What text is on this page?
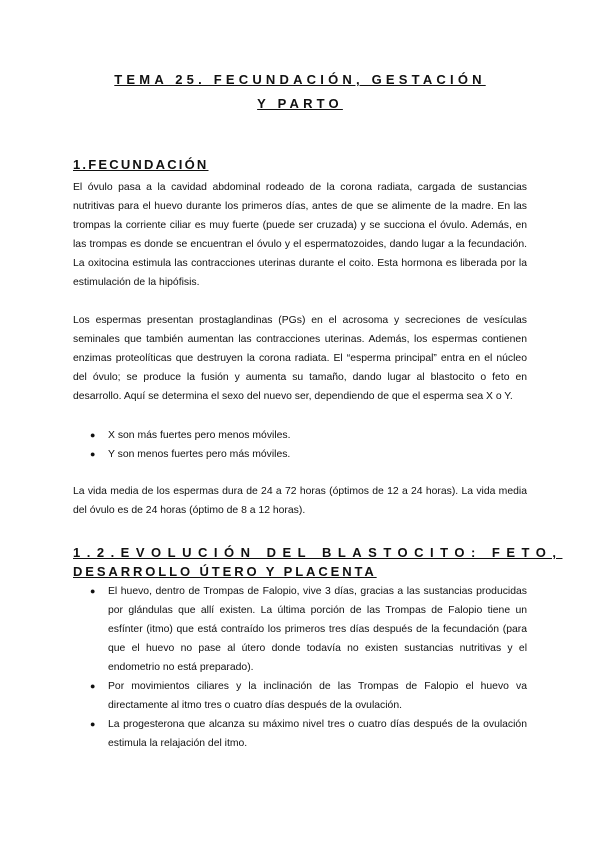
TEMA 25. FECUNDACIÓN, GESTACIÓN
Y PARTO
1.FECUNDACIÓN

El óvulo pasa a la cavidad abdominal rodeado de la corona radiata, cargada de sustancias nutritivas para el huevo durante los primeros días, antes de que se alimente de la madre. En las trompas la corriente ciliar es muy fuerte (puede ser cruzada) y se succiona el óvulo. Además, en las trompas es donde se encuentran el óvulo y el espermatozoides, dando lugar a la fecundación. La oxitocina estimula las contracciones uterinas durante el coito. Esta hormona es liberada por la estimulación de la hipófisis.

Los espermas presentan prostaglandinas (PGs) en el acrosoma y secreciones de vesículas seminales que también aumentan las contracciones uterinas. Además, los espermas contienen enzimas proteolíticas que destruyen la corona radiata. El “esperma principal” entra en el núcleo del óvulo; se produce la fusión y aumenta su tamaño, dando lugar al blastocito o feto en desarrollo. Aquí se determina el sexo del nuevo ser, dependiendo de que el esperma sea X o Y.

● X son más fuertes pero menos móviles.
● Y son menos fuertes pero más móviles.

La vida media de los espermas dura de 24 a 72 horas (óptimos de 12 a 24 horas). La vida media del óvulo es de 24 horas (óptimo de 8 a 12 horas).

1.2.EVOLUCIÓN DEL BLASTOCITO: FETO,
DESARROLLO ÚTERO Y PLACENTA
● El huevo, dentro de Trompas de Falopio, vive 3 días, gracias a las sustancias producidas por glándulas que allí existen. La última porción de las Trompas de Falopio tiene un esfínter (itmo) que está contraído los primeros tres días después de la fecundación (para que el huevo no pase al útero donde todavía no existen sustancias nutritivas y el endometrio no está preparado).
● Por movimientos ciliares y la inclinación de las Trompas de Falopio el huevo va directamente al itmo tres o cuatro días después de la ovulación.
● La progesterona que alcanza su máximo nivel tres o cuatro días después de la ovulación estimula la relajación del itmo.
